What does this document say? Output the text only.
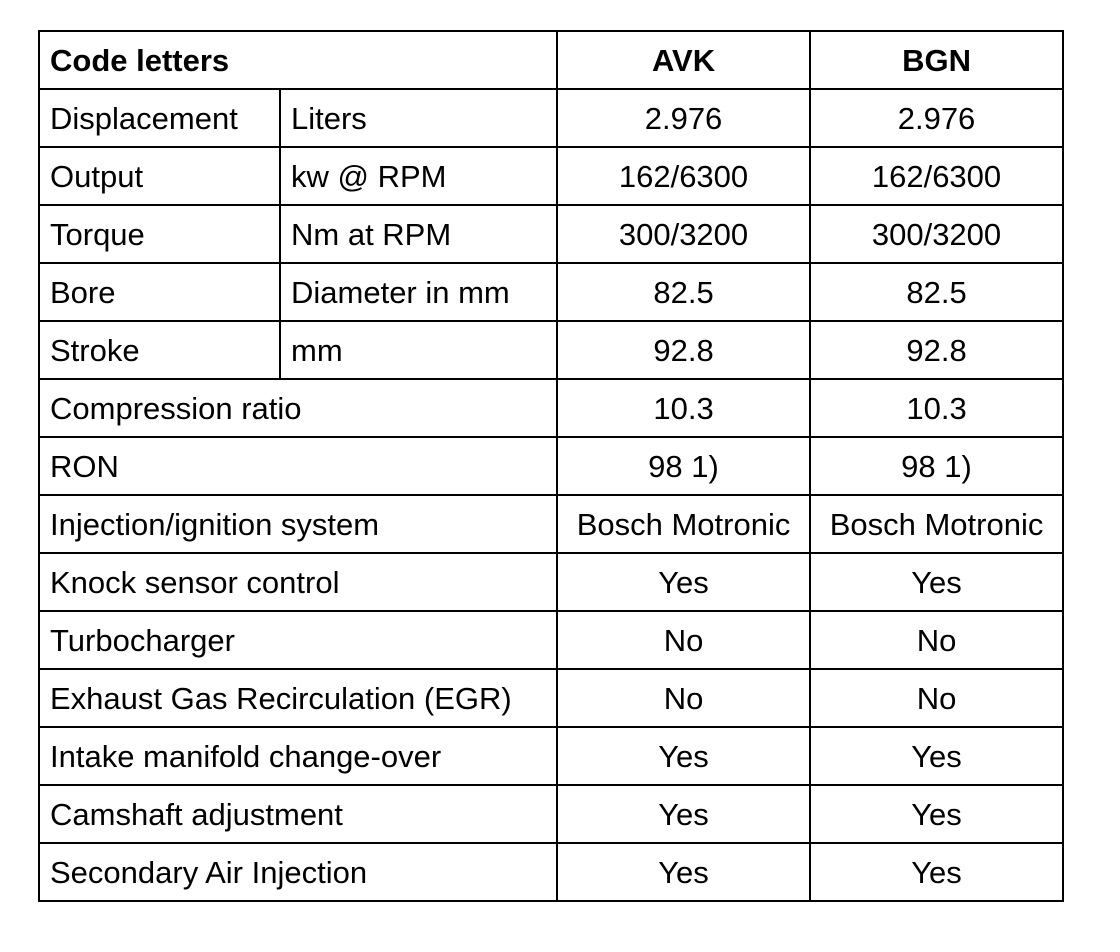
Code letters		AVK	BGN
Displacement	Liters	2.976	2.976
Output	kw @ RPM	162/6300	162/6300
Torque	Nm at RPM	300/3200	300/3200
Bore	Diameter in mm	82.5	82.5
Stroke	mm	92.8	92.8
Compression ratio		10.3	10.3
RON		98 1)	98 1)
Injection/ignition system		Bosch Motronic	Bosch Motronic
Knock sensor control		Yes	Yes
Turbocharger		No	No
Exhaust Gas Recirculation (EGR)		No	No
Intake manifold change-over		Yes	Yes
Camshaft adjustment		Yes	Yes
Secondary Air Injection		Yes	Yes
